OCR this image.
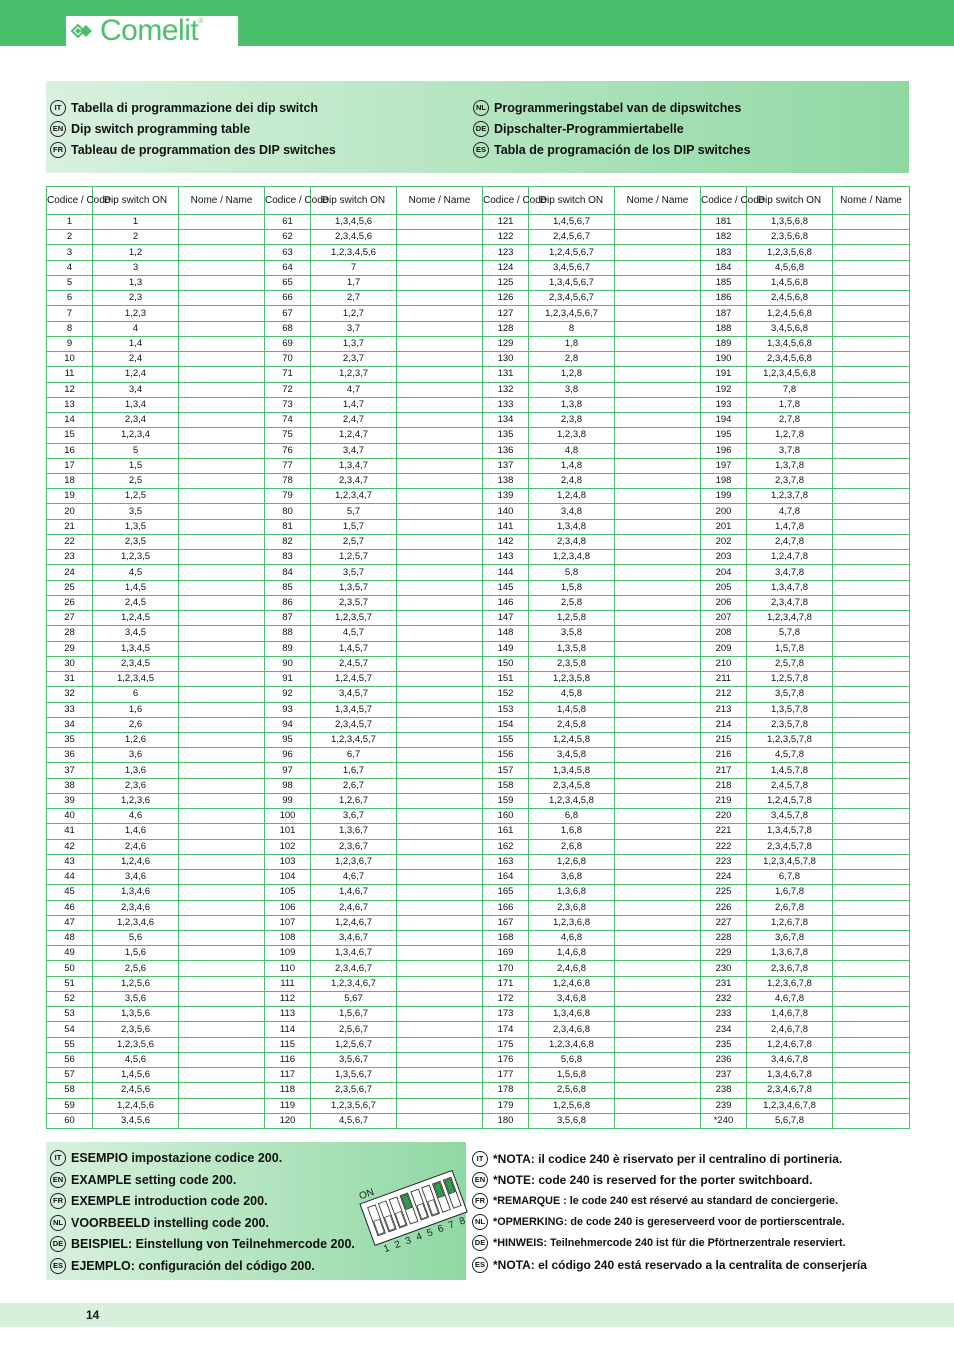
Comelit ®
IT Tabella di programmazione dei dip switch
EN Dip switch programming table
FR Tableau de programmation des DIP switches
NL Programmeringstabel van de dipswitches
DE Dipschalter-Programmiertabelle
ES Tabla de programación de los DIP switches
Codice / Code	Dip switch ON	Nome / Name	Codice / Code	Dip switch ON	Nome / Name	Codice / Code	Dip switch ON	Nome / Name	Codice / Code	Dip switch ON	Nome / Name
1	1		61	1,3,4,5,6		121	1,4,5,6,7		181	1,3,5,6,8	
2	2		62	2,3,4,5,6		122	2,4,5,6,7		182	2,3,5,6,8	
3	1,2		63	1,2,3,4,5,6		123	1,2,4,5,6,7		183	1,2,3,5,6,8	
4	3		64	7		124	3,4,5,6,7		184	4,5,6,8	
5	1,3		65	1,7		125	1,3,4,5,6,7		185	1,4,5,6,8	
6	2,3		66	2,7		126	2,3,4,5,6,7		186	2,4,5,6,8	
7	1,2,3		67	1,2,7		127	1,2,3,4,5,6,7		187	1,2,4,5,6,8	
8	4		68	3,7		128	8		188	3,4,5,6,8	
9	1,4		69	1,3,7		129	1,8		189	1,3,4,5,6,8	
10	2,4		70	2,3,7		130	2,8		190	2,3,4,5,6,8	
11	1,2,4		71	1,2,3,7		131	1,2,8		191	1,2,3,4,5,6,8	
12	3,4		72	4,7		132	3,8		192	7,8	
13	1,3,4		73	1,4,7		133	1,3,8		193	1,7,8	
14	2,3,4		74	2,4,7		134	2,3,8		194	2,7,8	
15	1,2,3,4		75	1,2,4,7		135	1,2,3,8		195	1,2,7,8	
16	5		76	3,4,7		136	4,8		196	3,7,8	
17	1,5		77	1,3,4,7		137	1,4,8		197	1,3,7,8	
18	2,5		78	2,3,4,7		138	2,4,8		198	2,3,7,8	
19	1,2,5		79	1,2,3,4,7		139	1,2,4,8		199	1,2,3,7,8	
20	3,5		80	5,7		140	3,4,8		200	4,7,8	
21	1,3,5		81	1,5,7		141	1,3,4,8		201	1,4,7,8	
22	2,3,5		82	2,5,7		142	2,3,4,8		202	2,4,7,8	
23	1,2,3,5		83	1,2,5,7		143	1,2,3,4,8		203	1,2,4,7,8	
24	4,5		84	3,5,7		144	5,8		204	3,4,7,8	
25	1,4,5		85	1,3,5,7		145	1,5,8		205	1,3,4,7,8	
26	2,4,5		86	2,3,5,7		146	2,5,8		206	2,3,4,7,8	
27	1,2,4,5		87	1,2,3,5,7		147	1,2,5,8		207	1,2,3,4,7,8	
28	3,4,5		88	4,5,7		148	3,5,8		208	5,7,8	
29	1,3,4,5		89	1,4,5,7		149	1,3,5,8		209	1,5,7,8	
30	2,3,4,5		90	2,4,5,7		150	2,3,5,8		210	2,5,7,8	
31	1,2,3,4,5		91	1,2,4,5,7		151	1,2,3,5,8		211	1,2,5,7,8	
32	6		92	3,4,5,7		152	4,5,8		212	3,5,7,8	
33	1,6		93	1,3,4,5,7		153	1,4,5,8		213	1,3,5,7,8	
34	2,6		94	2,3,4,5,7		154	2,4,5,8		214	2,3,5,7,8	
35	1,2,6		95	1,2,3,4,5,7		155	1,2,4,5,8		215	1,2,3,5,7,8	
36	3,6		96	6,7		156	3,4,5,8		216	4,5,7,8	
37	1,3,6		97	1,6,7		157	1,3,4,5,8		217	1,4,5,7,8	
38	2,3,6		98	2,6,7		158	2,3,4,5,8		218	2,4,5,7,8	
39	1,2,3,6		99	1,2,6,7		159	1,2,3,4,5,8		219	1,2,4,5,7,8	
40	4,6		100	3,6,7		160	6,8		220	3,4,5,7,8	
41	1,4,6		101	1,3,6,7		161	1,6,8		221	1,3,4,5,7,8	
42	2,4,6		102	2,3,6,7		162	2,6,8		222	2,3,4,5,7,8	
43	1,2,4,6		103	1,2,3,6,7		163	1,2,6,8		223	1,2,3,4,5,7,8	
44	3,4,6		104	4,6,7		164	3,6,8		224	6,7,8	
45	1,3,4,6		105	1,4,6,7		165	1,3,6,8		225	1,6,7,8	
46	2,3,4,6		106	2,4,6,7		166	2,3,6,8		226	2,6,7,8	
47	1,2,3,4,6		107	1,2,4,6,7		167	1,2,3,6,8		227	1,2,6,7,8	
48	5,6		108	3,4,6,7		168	4,6,8		228	3,6,7,8	
49	1,5,6		109	1,3,4,6,7		169	1,4,6,8		229	1,3,6,7,8	
50	2,5,6		110	2,3,4,6,7		170	2,4,6,8		230	2,3,6,7,8	
51	1,2,5,6		111	1,2,3,4,6,7		171	1,2,4,6,8		231	1,2,3,6,7,8	
52	3,5,6		112	5,67		172	3,4,6,8		232	4,6,7,8	
53	1,3,5,6		113	1,5,6,7		173	1,3,4,6,8		233	1,4,6,7,8	
54	2,3,5,6		114	2,5,6,7		174	2,3,4,6,8		234	2,4,6,7,8	
55	1,2,3,5,6		115	1,2,5,6,7		175	1,2,3,4,6,8		235	1,2,4,6,7,8	
56	4,5,6		116	3,5,6,7		176	5,6,8		236	3,4,6,7,8	
57	1,4,5,6		117	1,3,5,6,7		177	1,5,6,8		237	1,3,4,6,7,8	
58	2,4,5,6		118	2,3,5,6,7		178	2,5,6,8		238	2,3,4,6,7,8	
59	1,2,4,5,6		119	1,2,3,5,6,7		179	1,2,5,6,8		239	1,2,3,4,6,7,8	
60	3,4,5,6		120	4,5,6,7		180	3,5,6,8		*240	5,6,7,8	
IT ESEMPIO impostazione codice 200.
EN EXAMPLE setting code 200.
FR EXEMPLE introduction code 200.
NL VOORBEELD instelling code 200.
DE BEISPIEL: Einstellung von Teilnehmercode 200.
ES EJEMPLO: configuración del código 200.
ON
1 2 3 4 5 6 7 8
IT *NOTA: il codice 240 è riservato per il centralino di portineria.
EN *NOTE: code 240 is reserved for the porter switchboard.
FR *REMARQUE : le code 240 est réservé au standard de conciergerie.
NL *OPMERKING: de code 240 is gereserveerd voor de portierscentrale.
DE *HINWEIS: Teilnehmercode 240 ist für die Pförtnerzentrale reserviert.
ES *NOTA: el código 240 está reservado a la centralita de conserjería
14
